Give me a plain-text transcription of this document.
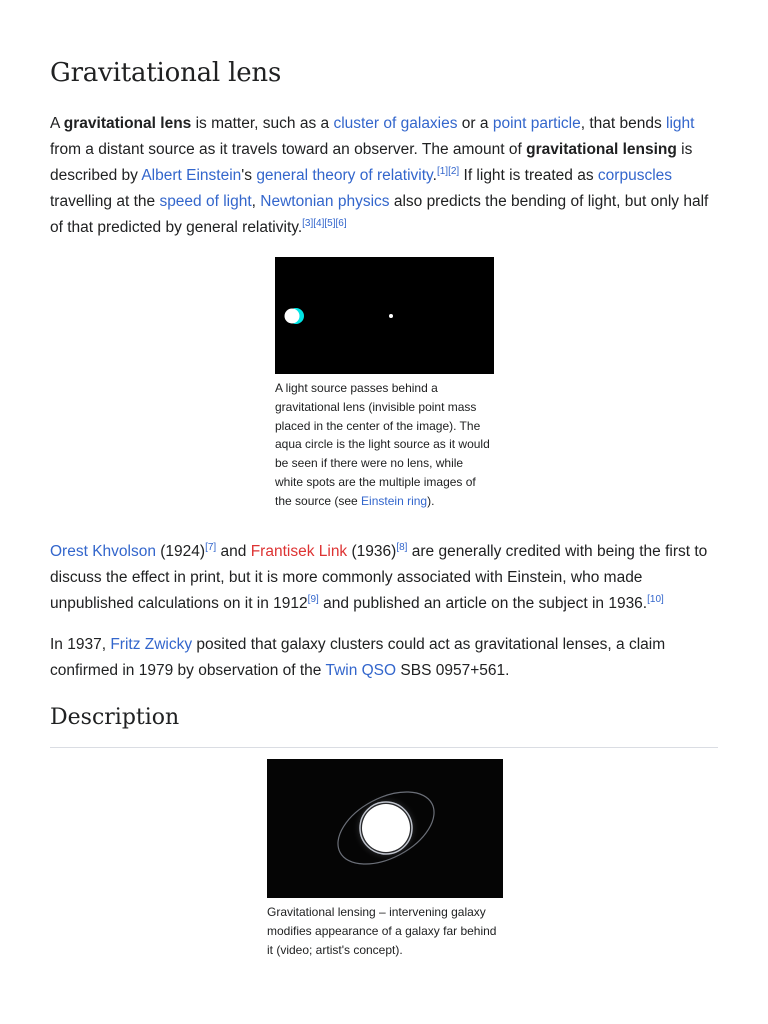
Gravitational lens

A gravitational lens is matter, such as a cluster of galaxies or a point particle, that bends light from a distant source as it travels toward an observer. The amount of gravitational lensing is described by Albert Einstein's general theory of relativity.[1][2] If light is treated as corpuscles travelling at the speed of light, Newtonian physics also predicts the bending of light, but only half of that predicted by general relativity.[3][4][5][6]

A light source passes behind a gravitational lens (invisible point mass placed in the center of the image). The aqua circle is the light source as it would be seen if there were no lens, while white spots are the multiple images of the source (see Einstein ring).

Orest Khvolson (1924)[7] and Frantisek Link (1936)[8] are generally credited with being the first to discuss the effect in print, but it is more commonly associated with Einstein, who made unpublished calculations on it in 1912[9] and published an article on the subject in 1936.[10]

In 1937, Fritz Zwicky posited that galaxy clusters could act as gravitational lenses, a claim confirmed in 1979 by observation of the Twin QSO SBS 0957+561.

Description
Gravitational lensing – intervening galaxy modifies appearance of a galaxy far behind it (video; artist's concept).
